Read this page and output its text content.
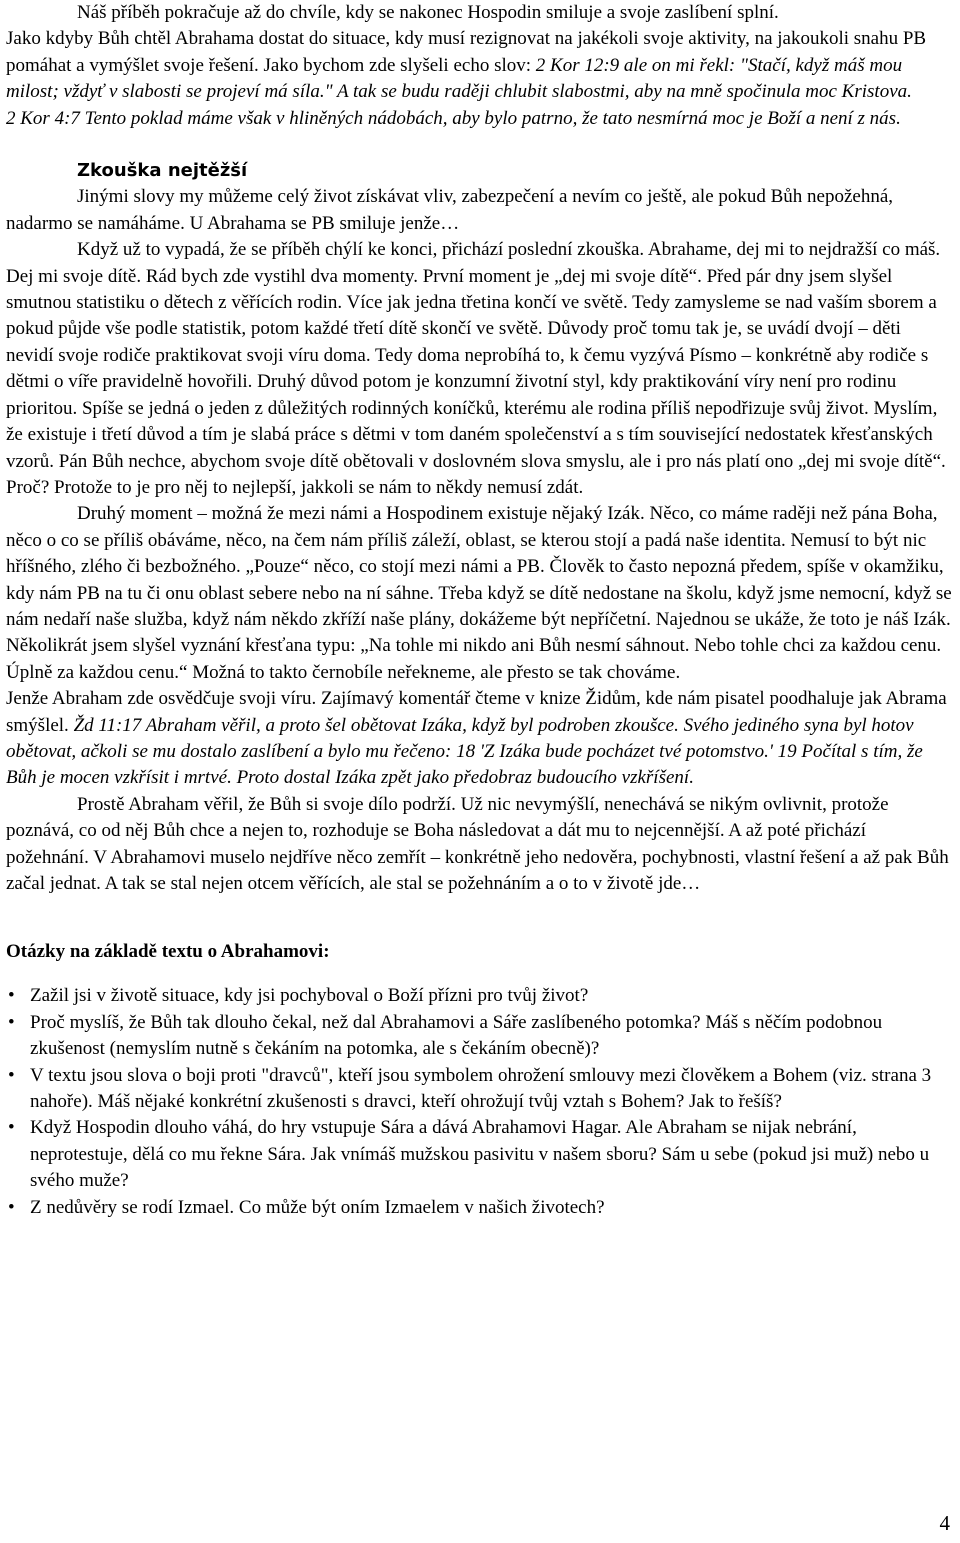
Náš příběh pokračuje až do chvíle, kdy se nakonec Hospodin smiluje a svoje zaslíbení splní.

Jako kdyby Bůh chtěl Abrahama dostat do situace, kdy musí rezignovat na jakékoli svoje aktivity, na jakoukoli snahu PB pomáhat a vymýšlet svoje řešení. Jako bychom zde slyšeli echo slov: 2 Kor 12:9 ale on mi řekl: "Stačí, když máš mou milost; vždyť v slabosti se projeví má síla." A tak se budu raději chlubit slabostmi, aby na mně spočinula moc Kristova.

2 Kor 4:7 Tento poklad máme však v hliněných nádobách, aby bylo patrno, že tato nesmírná moc je Boží a není z nás.

Zkouška nejtěžší

Jinými slovy my můžeme celý život získávat vliv, zabezpečení a nevím co ještě, ale pokud Bůh nepožehná, nadarmo se namáháme. U Abrahama se PB smiluje jenže…

Když už to vypadá, že se příběh chýlí ke konci, přichází poslední zkouška. Abrahame, dej mi to nejdražší co máš. Dej mi svoje dítě. Rád bych zde vystihl dva momenty. První moment je „dej mi svoje dítě“. Před pár dny jsem slyšel smutnou statistiku o dětech z věřících rodin. Více jak jedna třetina končí ve světě. Tedy zamysleme se nad vaším sborem a pokud půjde vše podle statistik, potom každé třetí dítě skončí ve světě. Důvody proč tomu tak je, se uvádí dvojí – děti nevidí svoje rodiče praktikovat svoji víru doma. Tedy doma neprobíhá to, k čemu vyzývá Písmo – konkrétně aby rodiče s dětmi o víře pravidelně hovořili. Druhý důvod potom je konzumní životní styl, kdy praktikování víry není pro rodinu prioritou. Spíše se jedná o jeden z důležitých rodinných koníčků, kterému ale rodina příliš nepodřizuje svůj život. Myslím, že existuje i třetí důvod a tím je slabá práce s dětmi v tom daném společenství a s tím související nedostatek křesťanských vzorů. Pán Bůh nechce, abychom svoje dítě obětovali v doslovném slova smyslu, ale i pro nás platí ono „dej mi svoje dítě“. Proč? Protože to je pro něj to nejlepší, jakkoli se nám to někdy nemusí zdát.

Druhý moment – možná že mezi námi a Hospodinem existuje nějaký Izák. Něco, co máme raději než pána Boha, něco o co se příliš obáváme, něco, na čem nám příliš záleží, oblast, se kterou stojí a padá naše identita. Nemusí to být nic hříšného, zlého či bezbožného. „Pouze“ něco, co stojí mezi námi a PB. Člověk to často nepozná předem, spíše v okamžiku, kdy nám PB na tu či onu oblast sebere nebo na ní sáhne. Třeba když se dítě nedostane na školu, když jsme nemocní, když se nám nedaří naše služba, když nám někdo zkříží naše plány, dokážeme být nepříčetní. Najednou se ukáže, že toto je náš Izák. Několikrát jsem slyšel vyznání křesťana typu: „Na tohle mi nikdo ani Bůh nesmí sáhnout. Nebo tohle chci za každou cenu. Úplně za každou cenu.“ Možná to takto černobíle neřekneme, ale přesto se tak chováme.

Jenže Abraham zde osvědčuje svoji víru. Zajímavý komentář čteme v knize Židům, kde nám pisatel poodhaluje jak Abrama smýšlel. Žd 11:17 Abraham věřil, a proto šel obětovat Izáka, když byl podroben zkoušce. Svého jediného syna byl hotov obětovat, ačkoli se mu dostalo zaslíbení a bylo mu řečeno: 18 'Z Izáka bude pocházet tvé potomstvo.' 19 Počítal s tím, že Bůh je mocen vzkřísit i mrtvé. Proto dostal Izáka zpět jako předobraz budoucího vzkříšení.

Prostě Abraham věřil, že Bůh si svoje dílo podrží. Už nic nevymýšlí, nenechává se nikým ovlivnit, protože poznává, co od něj Bůh chce a nejen to, rozhoduje se Boha následovat a dát mu to nejcennější. A až poté přichází požehnání. V Abrahamovi muselo nejdříve něco zemřít – konkrétně jeho nedověra, pochybnosti, vlastní řešení a až pak Bůh začal jednat. A tak se stal nejen otcem věřících, ale stal se požehnáním a o to v životě jde…

Otázky na základě textu o Abrahamovi:
• Zažil jsi v životě situace, kdy jsi pochyboval o Boží přízni pro tvůj život?
• Proč myslíš, že Bůh tak dlouho čekal, než dal Abrahamovi a Sáře zaslíbeného potomka? Máš s něčím podobnou zkušenost (nemyslím nutně s čekáním na potomka, ale s čekáním obecně)?
• V textu jsou slova o boji proti "dravců", kteří jsou symbolem ohrožení smlouvy mezi člověkem a Bohem (viz. strana 3 nahoře). Máš nějaké konkrétní zkušenosti s dravci, kteří ohrožují tvůj vztah s Bohem? Jak to řešíš?
• Když Hospodin dlouho váhá, do hry vstupuje Sára a dává Abrahamovi Hagar. Ale Abraham se nijak nebrání, neprotestuje, dělá co mu řekne Sára. Jak vnímáš mužskou pasivitu v našem sboru? Sám u sebe (pokud jsi muž) nebo u svého muže?
• Z nedůvěry se rodí Izmael. Co může být oním Izmaelem v našich životech?
4
